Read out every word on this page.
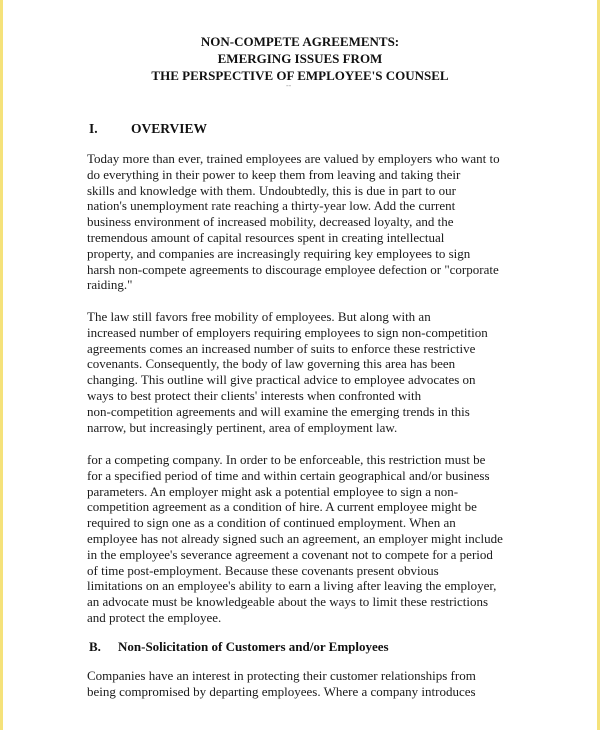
NON-COMPETE AGREEMENTS:
EMERGING ISSUES FROM
THE PERSPECTIVE OF EMPLOYEE'S COUNSEL
--
I. OVERVIEW
Today more than ever, trained employees are valued by employers who want to
do everything in their power to keep them from leaving and taking their
skills and knowledge with them. Undoubtedly, this is due in part to our
nation's unemployment rate reaching a thirty-year low. Add the current
business environment of increased mobility, decreased loyalty, and the
tremendous amount of capital resources spent in creating intellectual
property, and companies are increasingly requiring key employees to sign
harsh non-compete agreements to discourage employee defection or "corporate
raiding."
The law still favors free mobility of employees. But along with an
increased number of employers requiring employees to sign non-competition
agreements comes an increased number of suits to enforce these restrictive
covenants. Consequently, the body of law governing this area has been
changing. This outline will give practical advice to employee advocates on
ways to best protect their clients' interests when confronted with
non-competition agreements and will examine the emerging trends in this
narrow, but increasingly pertinent, area of employment law.
for a competing company. In order to be enforceable, this restriction must be
for a specified period of time and within certain geographical and/or business
parameters. An employer might ask a potential employee to sign a non-
competition agreement as a condition of hire. A current employee might be
required to sign one as a condition of continued employment. When an
employee has not already signed such an agreement, an employer might include
in the employee's severance agreement a covenant not to compete for a period
of time post-employment. Because these covenants present obvious
limitations on an employee's ability to earn a living after leaving the employer,
an advocate must be knowledgeable about the ways to limit these restrictions
and protect the employee.
B. Non-Solicitation of Customers and/or Employees
Companies have an interest in protecting their customer relationships from
being compromised by departing employees. Where a company introduces
